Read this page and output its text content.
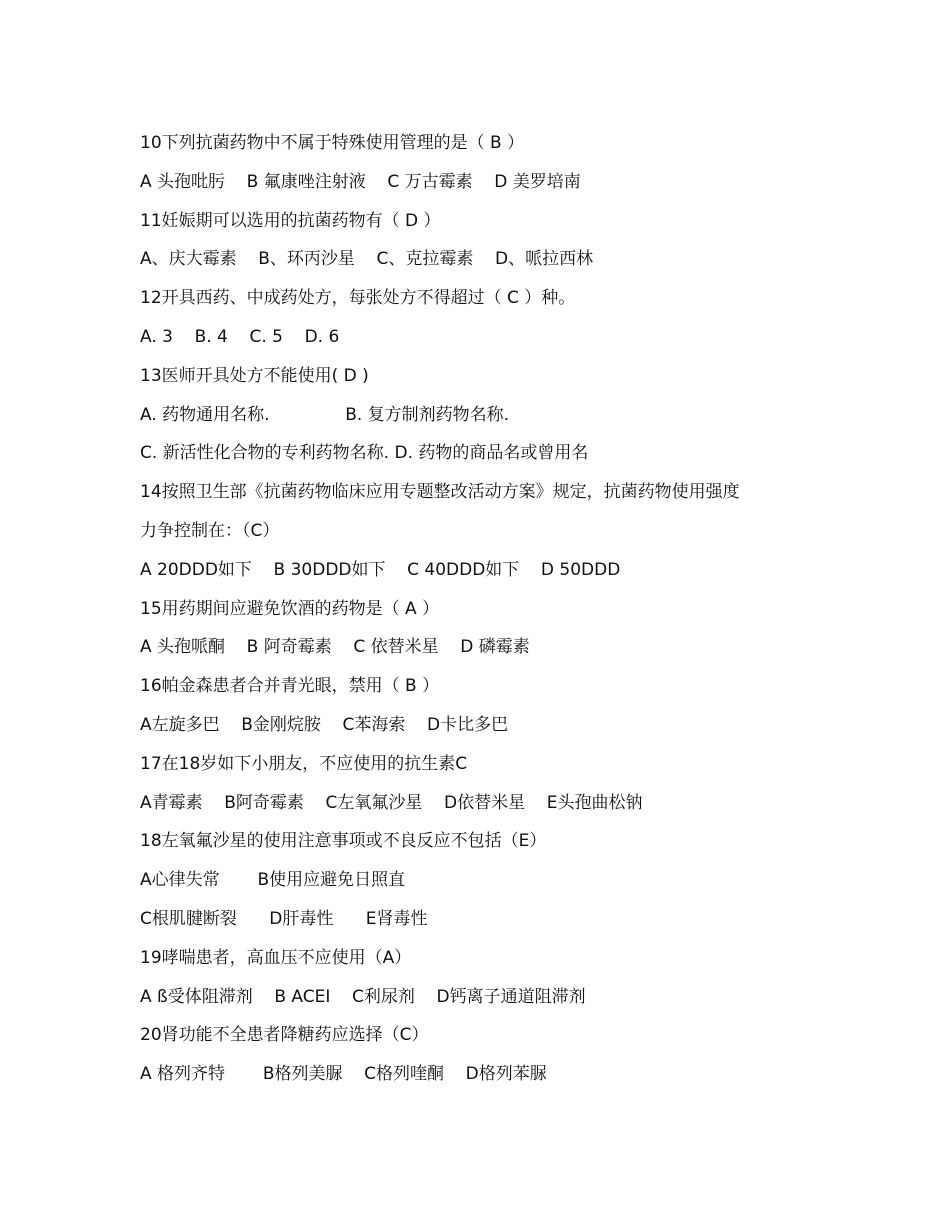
10下列抗菌药物中不属于特殊使用管理的是（ B ）
A 头孢吡肟    B 氟康唑注射液    C 万古霉素    D 美罗培南
11妊娠期可以选用的抗菌药物有（ D ）
A、庆大霉素    B、环丙沙星    C、克拉霉素    D、哌拉西林
12开具西药、中成药处方，每张处方不得超过（ C ）种。
A. 3    B. 4    C. 5    D. 6
13医师开具处方不能使用( D )
A. 药物通用名称.              B. 复方制剂药物名称.
C. 新活性化合物的专利药物名称. D. 药物的商品名或曾用名
14按照卫生部《抗菌药物临床应用专题整改活动方案》规定，抗菌药物使用强度
力争控制在：（C）
A 20DDD如下    B 30DDD如下    C 40DDD如下    D 50DDD
15用药期间应避免饮酒的药物是（ A ）
A 头孢哌酮    B 阿奇霉素    C 依替米星    D 磷霉素
16帕金森患者合并青光眼，禁用（ B ）
A左旋多巴    B金刚烷胺    C苯海索    D卡比多巴
17在18岁如下小朋友，不应使用的抗生素C
A青霉素    B阿奇霉素    C左氧氟沙星    D依替米星    E头孢曲松钠
18左氧氟沙星的使用注意事项或不良反应不包括（E）
A心律失常       B使用应避免日照直
C根肌腱断裂      D肝毒性      E肾毒性
19哮喘患者，高血压不应使用（A）
A ß受体阻滞剂    B ACEI    C利尿剂    D钙离子通道阻滞剂
20肾功能不全患者降糖药应选择（C）
A 格列齐特       B格列美脲    C格列喹酮    D格列苯脲
